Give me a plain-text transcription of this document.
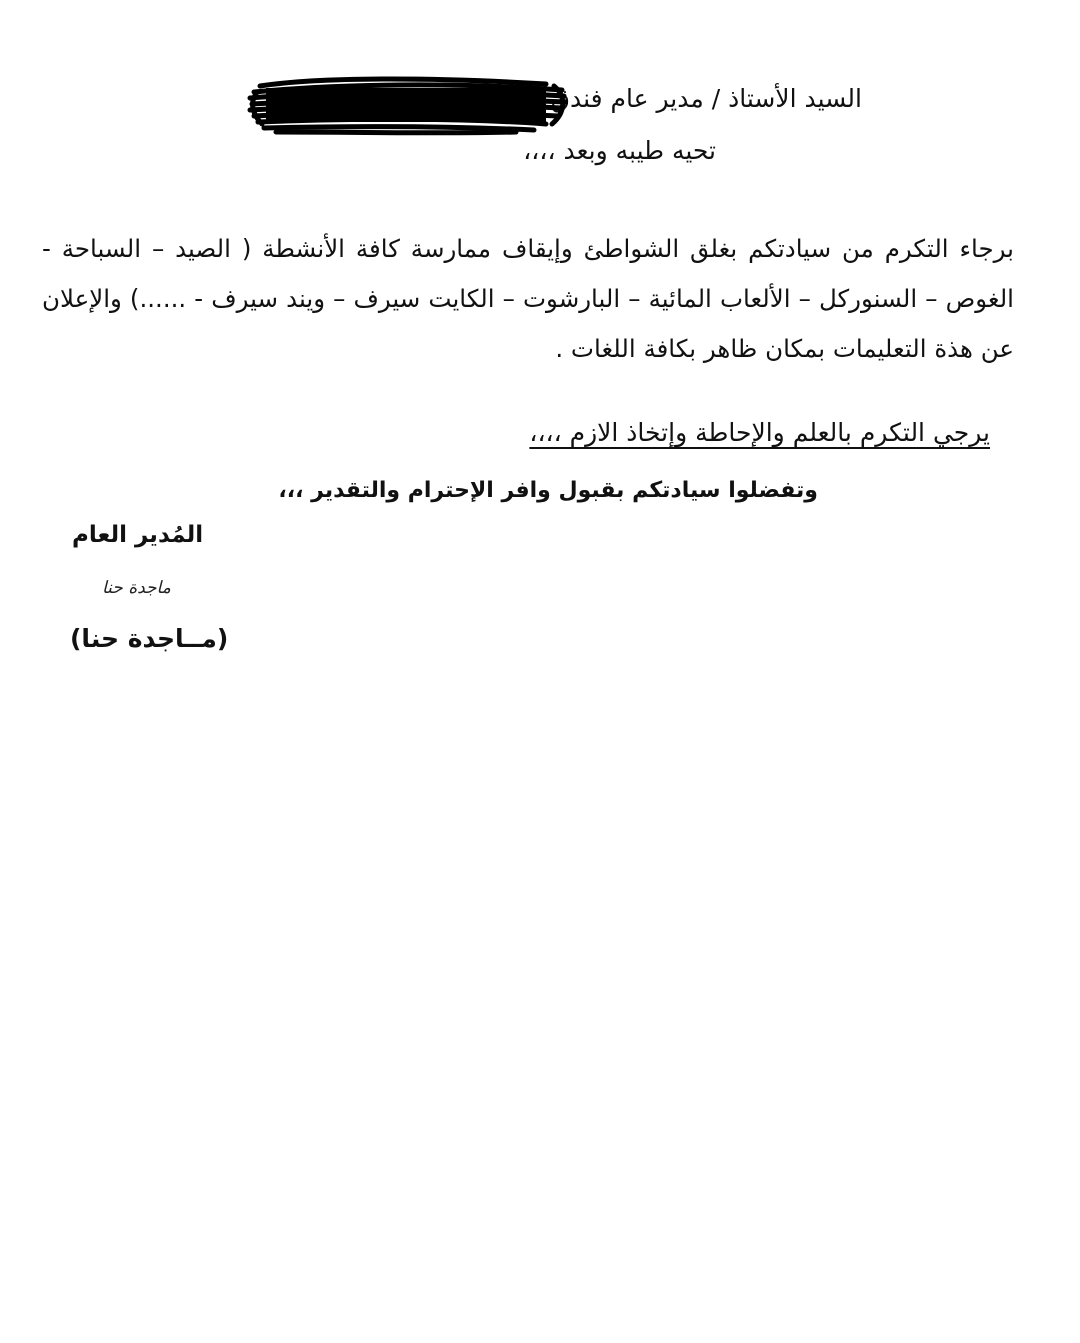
السيد الأستاذ / مدير عام فندق
تحيه طيبه وبعد ،،،،
برجاء التكرم من سيادتكم بغلق الشواطئ وإيقاف ممارسة كافة الأنشطة ( الصيد – السباحة - الغوص – السنوركل – الألعاب المائية – البارشوت – الكايت سيرف – ويند سيرف - ......) والإعلان عن هذة التعليمات بمكان ظاهر بكافة اللغات .
يرجي التكرم بالعلم والإحاطة وإتخاذ الازم ،،،،
وتفضلوا سيادتكم بقبول وافر الإحترام والتقدير ،،،
المُدير العام
ماجدة حنا
(مــاجدة حنا)
